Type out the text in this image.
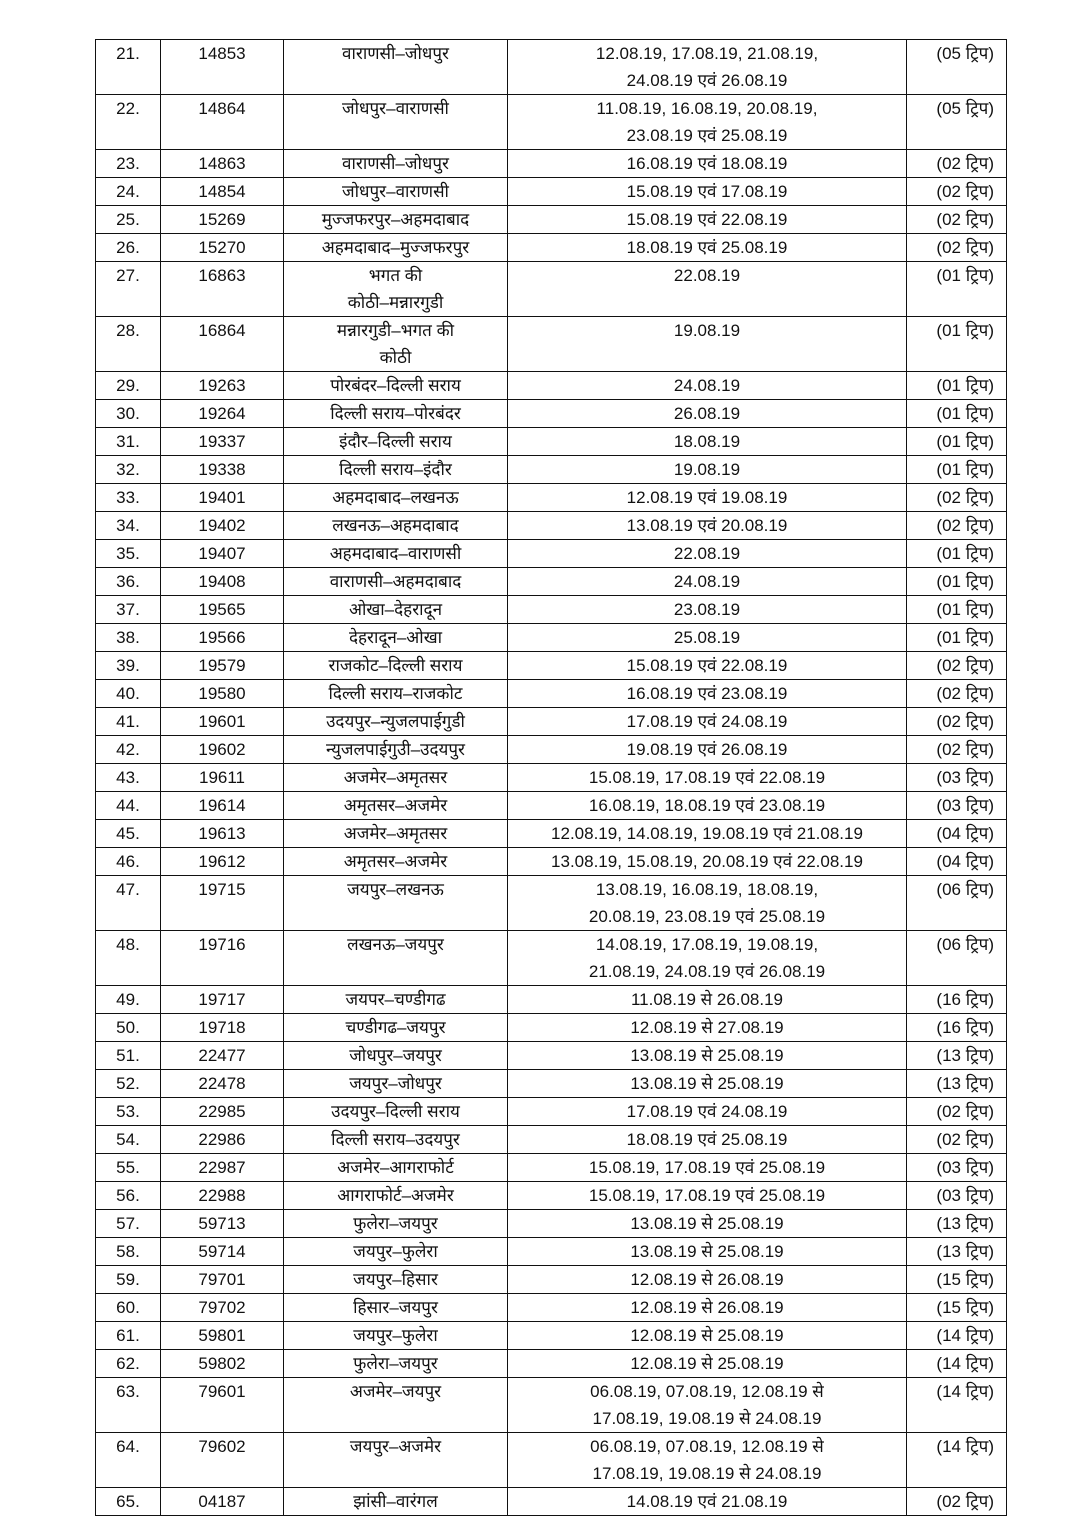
21.	14853	वाराणसी–जोधपुर	12.08.19, 17.08.19, 21.08.19,
24.08.19 एवं 26.08.19	(05 ट्रिप)
22.	14864	जोधपुर–वाराणसी	11.08.19, 16.08.19, 20.08.19,
23.08.19 एवं 25.08.19	(05 ट्रिप)
23.	14863	वाराणसी–जोधपुर	16.08.19 एवं 18.08.19	(02 ट्रिप)
24.	14854	जोधपुर–वाराणसी	15.08.19 एवं 17.08.19	(02 ट्रिप)
25.	15269	मुज्जफरपुर–अहमदाबाद	15.08.19 एवं 22.08.19	(02 ट्रिप)
26.	15270	अहमदाबाद–मुज्जफरपुर	18.08.19 एवं 25.08.19	(02 ट्रिप)
27.	16863	भगत की
कोठी–मन्नारगुडी	22.08.19	(01 ट्रिप)
28.	16864	मन्नारगुडी–भगत की
कोठी	19.08.19	(01 ट्रिप)
29.	19263	पोरबंदर–दिल्ली सराय	24.08.19	(01 ट्रिप)
30.	19264	दिल्ली सराय–पोरबंदर	26.08.19	(01 ट्रिप)
31.	19337	इंदौर–दिल्ली सराय	18.08.19	(01 ट्रिप)
32.	19338	दिल्ली सराय–इंदौर	19.08.19	(01 ट्रिप)
33.	19401	अहमदाबाद–लखनऊ	12.08.19 एवं 19.08.19	(02 ट्रिप)
34.	19402	लखनऊ–अहमदाबाद	13.08.19 एवं 20.08.19	(02 ट्रिप)
35.	19407	अहमदाबाद–वाराणसी	22.08.19	(01 ट्रिप)
36.	19408	वाराणसी–अहमदाबाद	24.08.19	(01 ट्रिप)
37.	19565	ओखा–देहरादून	23.08.19	(01 ट्रिप)
38.	19566	देहरादून–ओखा	25.08.19	(01 ट्रिप)
39.	19579	राजकोट–दिल्ली सराय	15.08.19 एवं 22.08.19	(02 ट्रिप)
40.	19580	दिल्ली सराय–राजकोट	16.08.19 एवं 23.08.19	(02 ट्रिप)
41.	19601	उदयपुर–न्युजलपाईगुडी	17.08.19 एवं 24.08.19	(02 ट्रिप)
42.	19602	न्युजलपाईगुउी–उदयपुर	19.08.19 एवं 26.08.19	(02 ट्रिप)
43.	19611	अजमेर–अमृतसर	15.08.19, 17.08.19 एवं 22.08.19	(03 ट्रिप)
44.	19614	अमृतसर–अजमेर	16.08.19, 18.08.19 एवं 23.08.19	(03 ट्रिप)
45.	19613	अजमेर–अमृतसर	12.08.19, 14.08.19, 19.08.19 एवं 21.08.19	(04 ट्रिप)
46.	19612	अमृतसर–अजमेर	13.08.19, 15.08.19, 20.08.19 एवं 22.08.19	(04 ट्रिप)
47.	19715	जयपुर–लखनऊ	13.08.19, 16.08.19, 18.08.19,
20.08.19, 23.08.19 एवं 25.08.19	(06 ट्रिप)
48.	19716	लखनऊ–जयपुर	14.08.19, 17.08.19, 19.08.19,
21.08.19, 24.08.19 एवं 26.08.19	(06 ट्रिप)
49.	19717	जयपर–चण्डीगढ	11.08.19 से 26.08.19	(16 ट्रिप)
50.	19718	चण्डीगढ–जयपुर	12.08.19 से 27.08.19	(16 ट्रिप)
51.	22477	जोधपुर–जयपुर	13.08.19 से 25.08.19	(13 ट्रिप)
52.	22478	जयपुर–जोधपुर	13.08.19 से 25.08.19	(13 ट्रिप)
53.	22985	उदयपुर–दिल्ली सराय	17.08.19 एवं 24.08.19	(02 ट्रिप)
54.	22986	दिल्ली सराय–उदयपुर	18.08.19 एवं 25.08.19	(02 ट्रिप)
55.	22987	अजमेर–आगराफोर्ट	15.08.19, 17.08.19 एवं 25.08.19	(03 ट्रिप)
56.	22988	आगराफोर्ट–अजमेर	15.08.19, 17.08.19 एवं 25.08.19	(03 ट्रिप)
57.	59713	फुलेरा–जयपुर	13.08.19 से 25.08.19	(13 ट्रिप)
58.	59714	जयपुर–फुलेरा	13.08.19 से 25.08.19	(13 ट्रिप)
59.	79701	जयपुर–हिसार	12.08.19 से 26.08.19	(15 ट्रिप)
60.	79702	हिसार–जयपुर	12.08.19 से 26.08.19	(15 ट्रिप)
61.	59801	जयपुर–फुलेरा	12.08.19 से 25.08.19	(14 ट्रिप)
62.	59802	फुलेरा–जयपुर	12.08.19 से 25.08.19	(14 ट्रिप)
63.	79601	अजमेर–जयपुर	06.08.19, 07.08.19, 12.08.19 से
17.08.19, 19.08.19 से 24.08.19	(14 ट्रिप)
64.	79602	जयपुर–अजमेर	06.08.19, 07.08.19, 12.08.19 से
17.08.19, 19.08.19 से 24.08.19	(14 ट्रिप)
65.	04187	झांसी–वारंगल	14.08.19 एवं 21.08.19	(02 ट्रिप)
